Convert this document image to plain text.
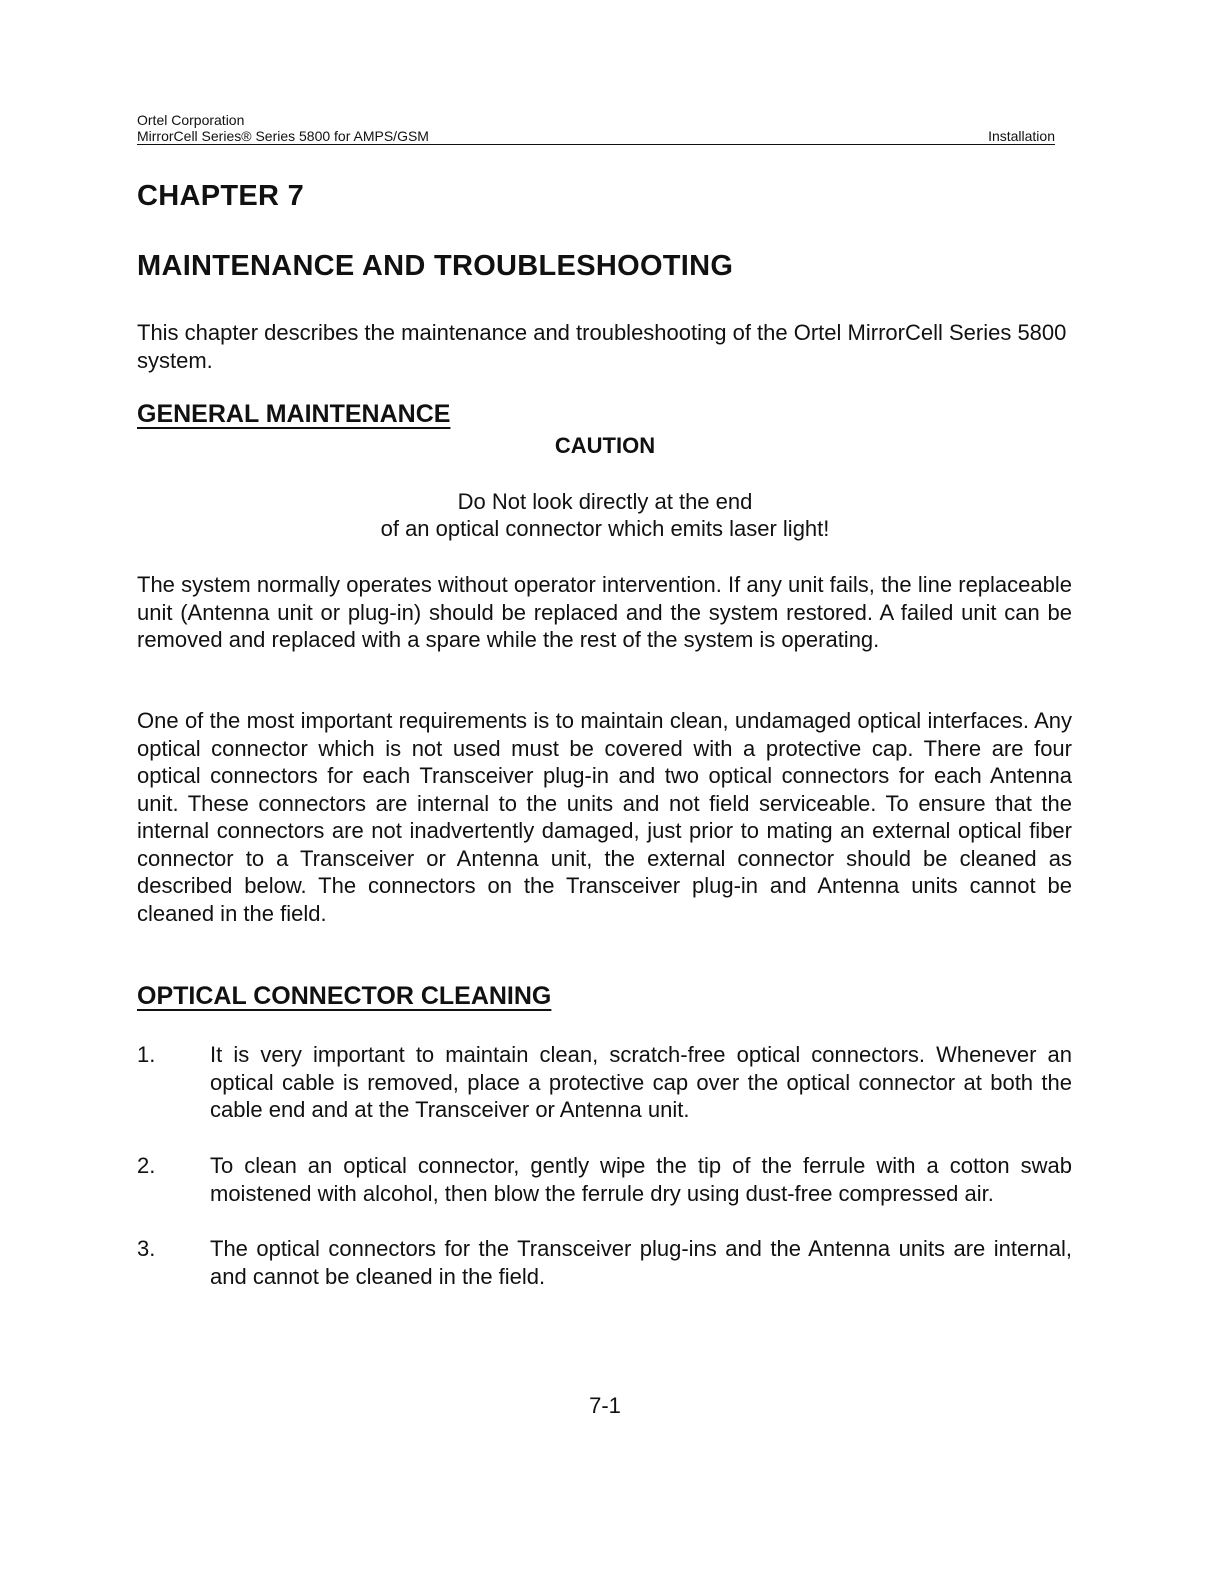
Ortel Corporation
MirrorCell Series® Series 5800 for AMPS/GSM	Installation
CHAPTER 7
MAINTENANCE AND TROUBLESHOOTING
This chapter describes the maintenance and troubleshooting of the Ortel MirrorCell Series 5800 system.
GENERAL MAINTENANCE
CAUTION
Do Not look directly at the end
of an optical connector which emits laser light!
The system normally operates without operator intervention. If any unit fails, the line replaceable unit (Antenna unit or plug-in) should be replaced and the system restored. A failed unit can be removed and replaced with a spare while the rest of the system is operating.
One of the most important requirements is to maintain clean, undamaged optical interfaces. Any optical connector which is not used must be covered with a protective cap. There are four optical connectors for each Transceiver plug-in and two optical connectors for each Antenna unit. These connectors are internal to the units and not field serviceable. To ensure that the internal connectors are not inadvertently damaged, just prior to mating an external optical fiber connector to a Transceiver or Antenna unit, the external connector should be cleaned as described below. The connectors on the Transceiver plug-in and Antenna units cannot be cleaned in the field.
OPTICAL CONNECTOR CLEANING
1. It is very important to maintain clean, scratch-free optical connectors. Whenever an optical cable is removed, place a protective cap over the optical connector at both the cable end and at the Transceiver or Antenna unit.
2. To clean an optical connector, gently wipe the tip of the ferrule with a cotton swab moistened with alcohol, then blow the ferrule dry using dust-free compressed air.
3. The optical connectors for the Transceiver plug-ins and the Antenna units are internal, and cannot be cleaned in the field.
7-1
